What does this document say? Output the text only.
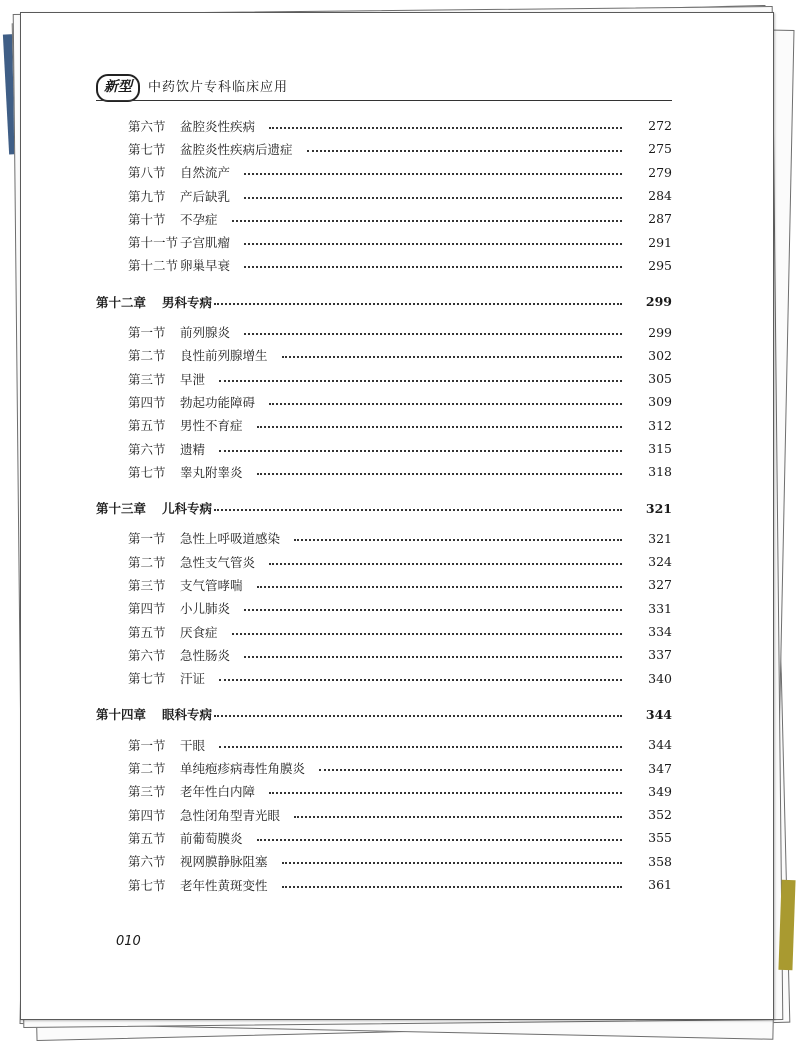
新型	中药饮片专科临床应用
第六节 盆腔炎性疾病	272
第七节 盆腔炎性疾病后遗症	275
第八节 自然流产	279
第九节 产后缺乳	284
第十节 不孕症	287
第十一节 子宫肌瘤	291
第十二节 卵巢早衰	295
第十二章 男科专病	299
第一节 前列腺炎	299
第二节 良性前列腺增生	302
第三节 早泄	305
第四节 勃起功能障碍	309
第五节 男性不育症	312
第六节 遗精	315
第七节 睾丸附睾炎	318
第十三章 儿科专病	321
第一节 急性上呼吸道感染	321
第二节 急性支气管炎	324
第三节 支气管哮喘	327
第四节 小儿肺炎	331
第五节 厌食症	334
第六节 急性肠炎	337
第七节 汗证	340
第十四章 眼科专病	344
第一节 干眼	344
第二节 单纯疱疹病毒性角膜炎	347
第三节 老年性白内障	349
第四节 急性闭角型青光眼	352
第五节 前葡萄膜炎	355
第六节 视网膜静脉阻塞	358
第七节 老年性黄斑变性	361
010
